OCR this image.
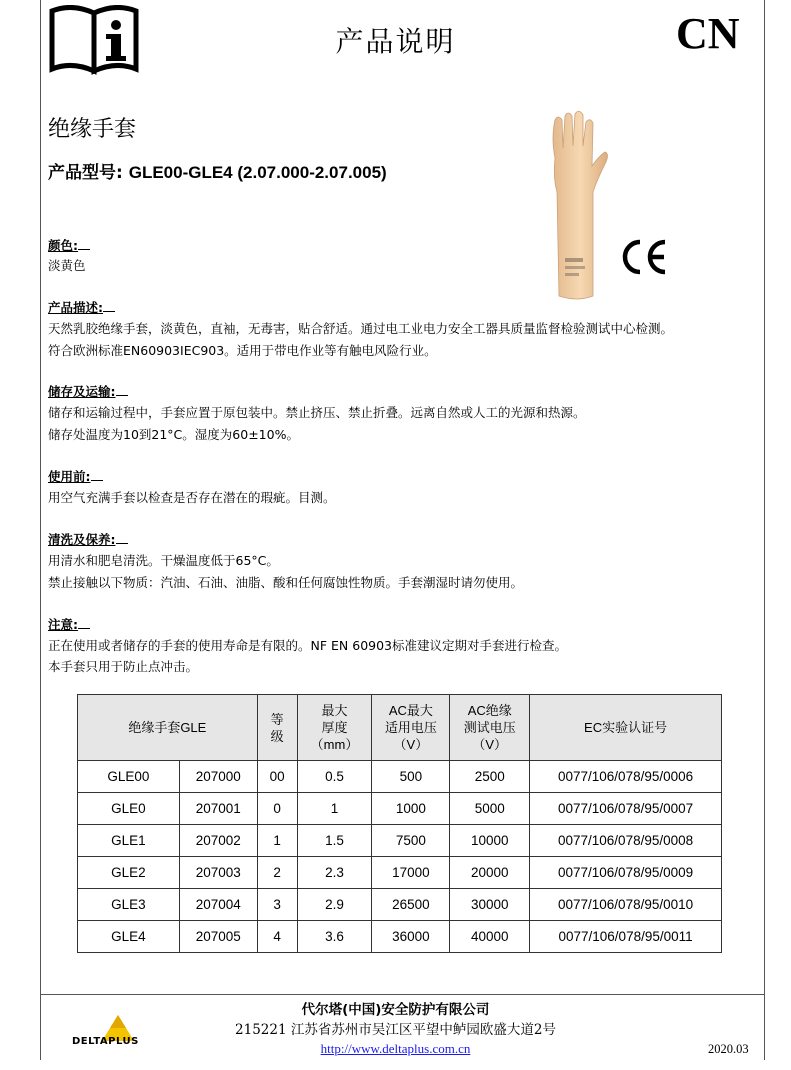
产品说明	CN
绝缘手套
产品型号: GLE00-GLE4 (2.07.000-2.07.005)
颜色:
淡黄色
产品描述:
天然乳胶绝缘手套，淡黄色，直袖，无毒害，贴合舒适。通过电工业电力安全工器具质量监督检验测试中心检测。
符合欧洲标准EN60903IEC903。适用于带电作业等有触电风险行业。
储存及运输:
储存和运输过程中，手套应置于原包装中。禁止挤压、禁止折叠。远离自然或人工的光源和热源。
储存处温度为10到21°C。湿度为60±10%。
使用前:
用空气充满手套以检查是否存在潜在的瑕疵。目测。
清洗及保养:
用清水和肥皂清洗。干燥温度低于65°C。
禁止接触以下物质：汽油、石油、油脂、酸和任何腐蚀性物质。手套潮湿时请勿使用。
注意:
正在使用或者储存的手套的使用寿命是有限的。NF EN 60903标准建议定期对手套进行检查。
本手套只用于防止点冲击。
绝缘手套GLE		等
级	最大
厚度
（mm）	AC最大
适用电压
（V）	AC绝缘
测试电压
（V）	EC实验认证号
GLE00	207000	00	0.5	500	2500	0077/106/078/95/0006
GLE0	207001	0	1	1000	5000	0077/106/078/95/0007
GLE1	207002	1	1.5	7500	10000	0077/106/078/95/0008
GLE2	207003	2	2.3	17000	20000	0077/106/078/95/0009
GLE3	207004	3	2.9	26500	30000	0077/106/078/95/0010
GLE4	207005	4	3.6	36000	40000	0077/106/078/95/0011
DELTAPLUS
代尔塔(中国)安全防护有限公司
215221 江苏省苏州市吴江区平望中鲈园欧盛大道2号
http://www.deltaplus.com.cn	2020.03
